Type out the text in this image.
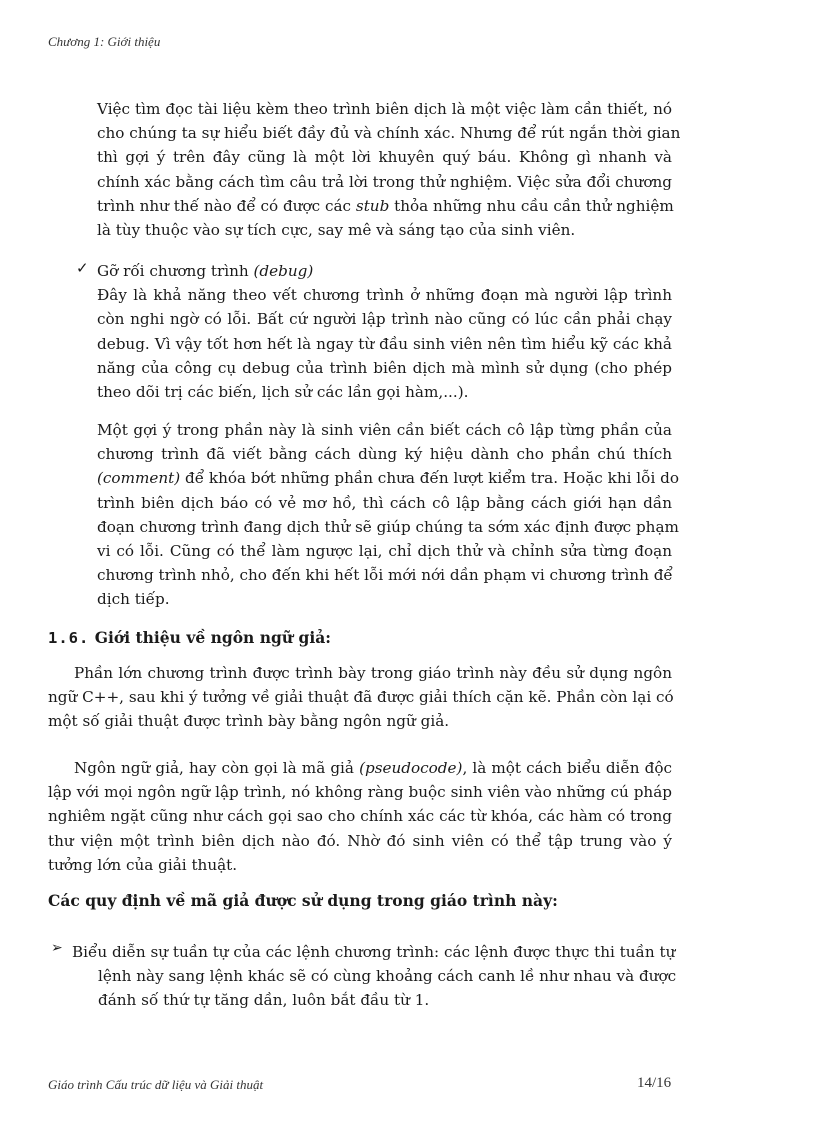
Chương 1: Giới thiệu
Việc tìm đọc tài liệu kèm theo trình biên dịch là một việc làm cần thiết, nó
cho chúng ta sự hiểu biết đầy đủ và chính xác. Nhưng để rút ngắn thời gian
thì gợi ý trên đây cũng là một lời khuyên quý báu. Không gì nhanh và
chính xác bằng cách tìm câu trả lời trong thử nghiệm. Việc sửa đổi chương
trình như thế nào để có được các stub thỏa những nhu cầu cần thử nghiệm
là tùy thuộc vào sự tích cực, say mê và sáng tạo của sinh viên.
✓ Gỡ rối chương trình (debug)
Đây là khả năng theo vết chương trình ở những đoạn mà người lập trình
còn nghi ngờ có lỗi. Bất cứ người lập trình nào cũng có lúc cần phải chạy
debug. Vì vậy tốt hơn hết là ngay từ đầu sinh viên nên tìm hiểu kỹ các khả
năng của công cụ debug của trình biên dịch mà mình sử dụng (cho phép
theo dõi trị các biến, lịch sử các lần gọi hàm,...).
Một gợi ý trong phần này là sinh viên cần biết cách cô lập từng phần của
chương trình đã viết bằng cách dùng ký hiệu dành cho phần chú thích
(comment) để khóa bớt những phần chưa đến lượt kiểm tra. Hoặc khi lỗi do
trình biên dịch báo có vẻ mơ hồ, thì cách cô lập bằng cách giới hạn dần
đoạn chương trình đang dịch thử sẽ giúp chúng ta sớm xác định được phạm
vi có lỗi. Cũng có thể làm ngược lại, chỉ dịch thử và chỉnh sửa từng đoạn
chương trình nhỏ, cho đến khi hết lỗi mới nới dần phạm vi chương trình để
dịch tiếp.
1.6. Giới thiệu về ngôn ngữ giả:
Phần lớn chương trình được trình bày trong giáo trình này đều sử dụng ngôn
ngữ C++, sau khi ý tưởng về giải thuật đã được giải thích cặn kẽ. Phần còn lại có
một số giải thuật được trình bày bằng ngôn ngữ giả.
Ngôn ngữ giả, hay còn gọi là mã giả (pseudocode), là một cách biểu diễn độc
lập với mọi ngôn ngữ lập trình, nó không ràng buộc sinh viên vào những cú pháp
nghiêm ngặt cũng như cách gọi sao cho chính xác các từ khóa, các hàm có trong
thư viện một trình biên dịch nào đó. Nhờ đó sinh viên có thể tập trung vào ý
tưởng lớn của giải thuật.
Các quy định về mã giả được sử dụng trong giáo trình này:
➢ Biểu diễn sự tuần tự của các lệnh chương trình: các lệnh được thực thi tuần tự
lệnh này sang lệnh khác sẽ có cùng khoảng cách canh lề như nhau và được
đánh số thứ tự tăng dần, luôn bắt đầu từ 1.
Giáo trình Cấu trúc dữ liệu và Giải thuật	14/16
